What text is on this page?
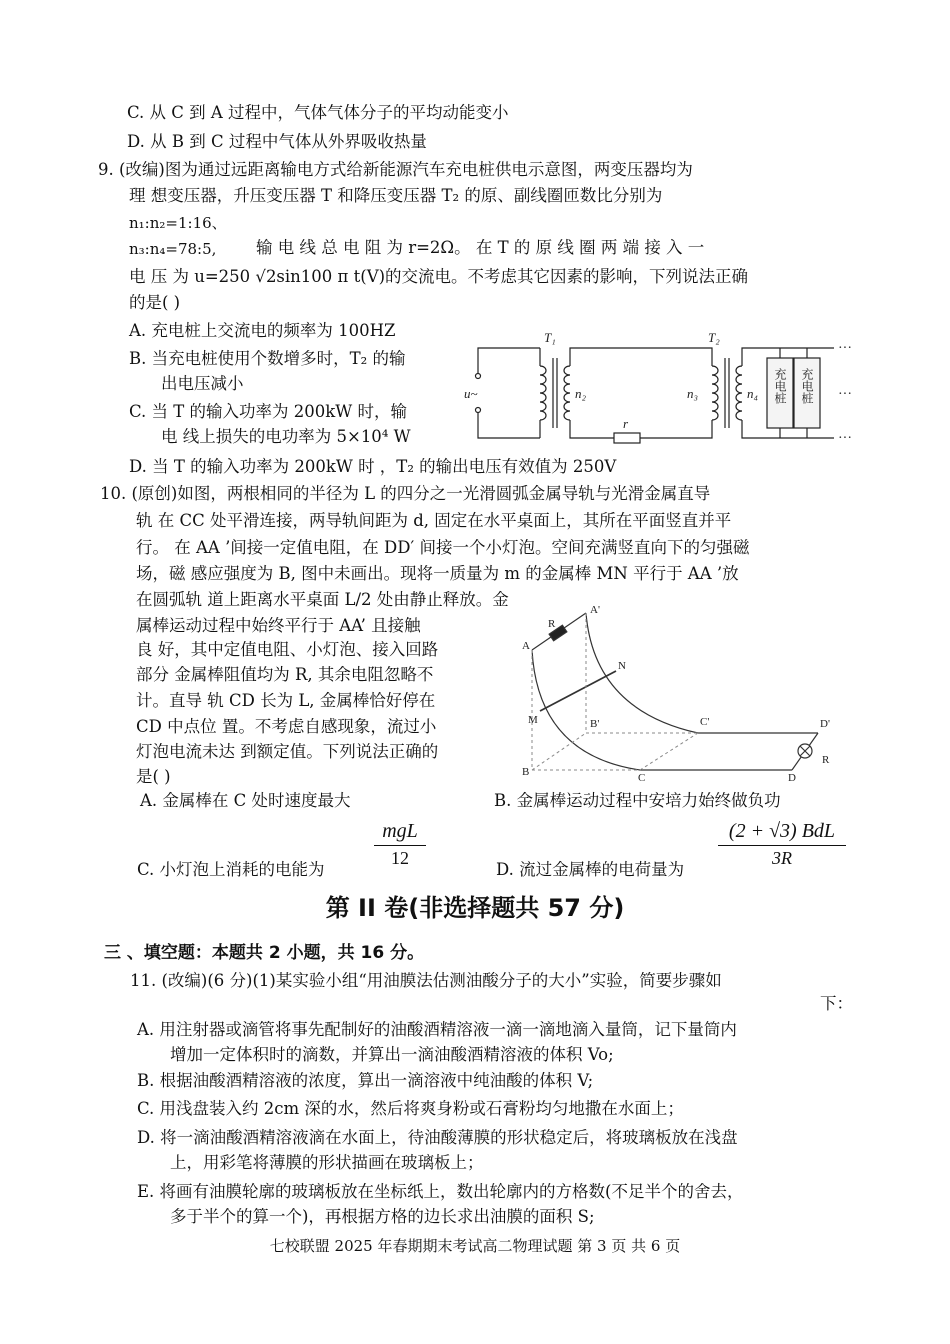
C. 从 C 到 A 过程中，气体气体分子的平均动能变小
D. 从 B 到 C 过程中气体从外界吸收热量
9. (改编)图为通过远距离输电方式给新能源汽车充电桩供电示意图，两变压器均为
理 想变压器，升压变压器 T 和降压变压器 T₂ 的原、副线圈匝数比分别为
n₁:n₂=1:16、
n₃:n₄=78:5, 输 电 线 总 电 阻 为 r=2Ω。 在 T 的 原 线 圈 两 端 接 入 一
电 压 为 u=250 √2sin100 π t(V)的交流电。不考虑其它因素的影响，下列说法正确
的是( )
A. 充电桩上交流电的频率为 100HZ
B. 当充电桩使用个数增多时，T₂ 的输
出电压减小
C. 当 T 的输入功率为 200kW 时，输
电 线上损失的电功率为 5×10⁴ W
D. 当 T 的输入功率为 200kW 时 ，T₂ 的输出电压有效值为 250V
T₁	T₂
u~	n₂	n₃	n₄
r
充电桩 充电桩
···
···
···
10. (原创)如图，两根相同的半径为 L 的四分之一光滑圆弧金属导轨与光滑金属直导
轨 在 CC 处平滑连接，两导轨间距为 d, 固定在水平桌面上，其所在平面竖直并平
行。 在 AA ’间接一定值电阻，在 DD′ 间接一个小灯泡。空间充满竖直向下的匀强磁
场，磁 感应强度为 B, 图中未画出。现将一质量为 m 的金属棒 MN 平行于 AA ’放
在圆弧轨 道上距离水平桌面 L/2 处由静止释放。金
属棒运动过程中始终平行于 AA’ 且接触
良 好，其中定值电阻、小灯泡、接入回路
部分 金属棒阻值均为 R, 其余电阻忽略不
计。直导 轨 CD 长为 L, 金属棒恰好停在
CD 中点位 置。不考虑自感现象，流过小
灯泡电流未达 到额定值。下列说法正确的
是( )
A
A'
R
B
B'
C
C'
D
D'
R
M
N
A. 金属棒在 C 处时速度最大	B. 金属棒运动过程中安培力始终做负功
C. 小灯泡上消耗的电能为
mgL
12
D. 流过金属棒的电荷量为
(2 + √3) BdL
3R
第 II 卷(非选择题共 57 分)
三 、填空题：本题共 2 小题，共 16 分。
11. (改编)(6 分)(1)某实验小组“用油膜法估测油酸分子的大小”实验，简要步骤如
下：
A. 用注射器或滴管将事先配制好的油酸酒精溶液一滴一滴地滴入量筒，记下量筒内
增加一定体积时的滴数，并算出一滴油酸酒精溶液的体积 Vo;
B. 根据油酸酒精溶液的浓度，算出一滴溶液中纯油酸的体积 V;
C. 用浅盘装入约 2cm 深的水，然后将爽身粉或石膏粉均匀地撒在水面上；
D. 将一滴油酸酒精溶液滴在水面上，待油酸薄膜的形状稳定后，将玻璃板放在浅盘
上，用彩笔将薄膜的形状描画在玻璃板上；
E. 将画有油膜轮廓的玻璃板放在坐标纸上，数出轮廓内的方格数(不足半个的舍去，
多于半个的算一个)，再根据方格的边长求出油膜的面积 S;
七校联盟 2025 年春期期末考试高二物理试题 第 3 页 共 6 页
